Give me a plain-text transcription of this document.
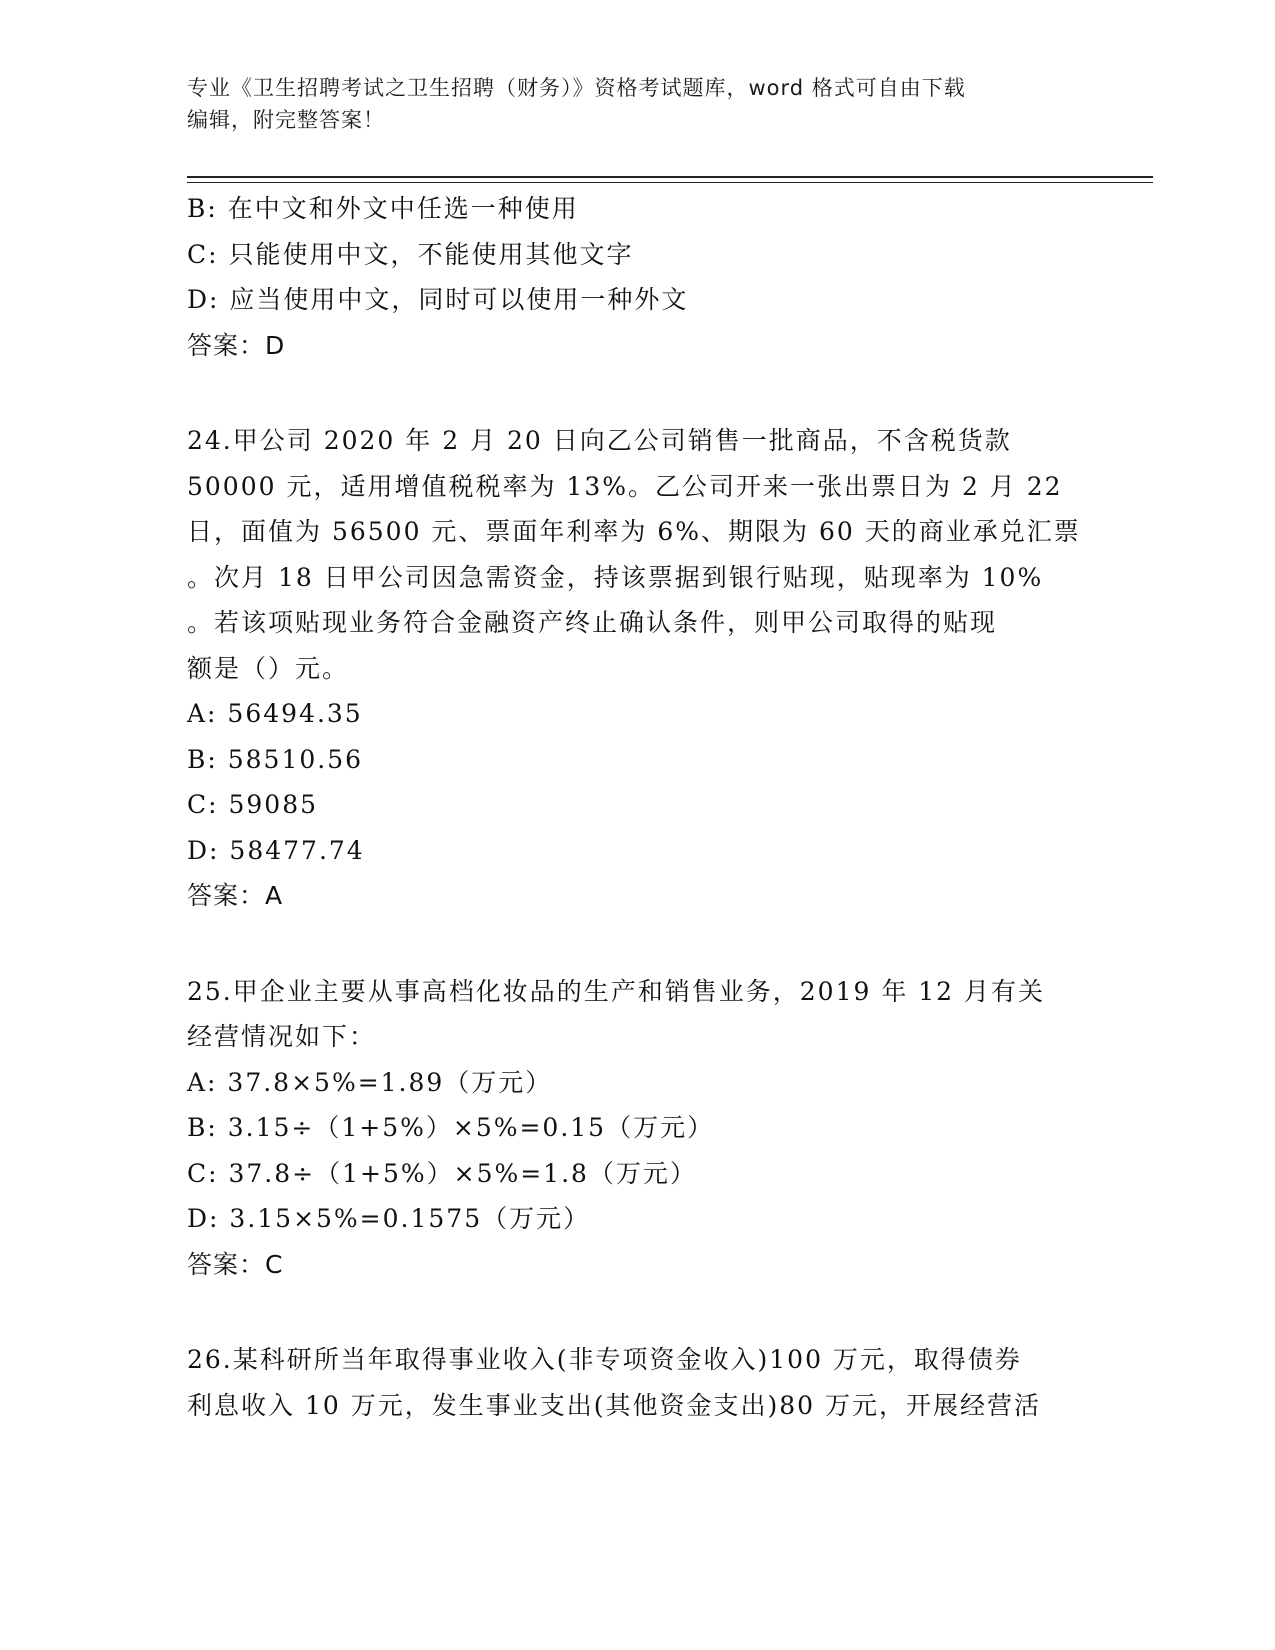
专业《卫生招聘考试之卫生招聘（财务）》资格考试题库，word 格式可自由下载
编辑，附完整答案！
B: 在中文和外文中任选一种使用
C: 只能使用中文，不能使用其他文字
D: 应当使用中文，同时可以使用一种外文
答案：D
24.甲公司 2020 年 2 月 20 日向乙公司销售一批商品，不含税货款
50000 元，适用增值税税率为 13%。乙公司开来一张出票日为 2 月 22
日，面值为 56500 元、票面年利率为 6%、期限为 60 天的商业承兑汇票
。次月 18 日甲公司因急需资金，持该票据到银行贴现，贴现率为 10%
。若该项贴现业务符合金融资产终止确认条件，则甲公司取得的贴现
额是（）元。
A: 56494.35
B: 58510.56
C: 59085
D: 58477.74
答案：A
25.甲企业主要从事高档化妆品的生产和销售业务，2019 年 12 月有关
经营情况如下：
A: 37.8×5%=1.89（万元）
B: 3.15÷（1+5%）×5%=0.15（万元）
C: 37.8÷（1+5%）×5%=1.8（万元）
D: 3.15×5%=0.1575（万元）
答案：C
26.某科研所当年取得事业收入(非专项资金收入)100 万元，取得债券
利息收入 10 万元，发生事业支出(其他资金支出)80 万元，开展经营活
